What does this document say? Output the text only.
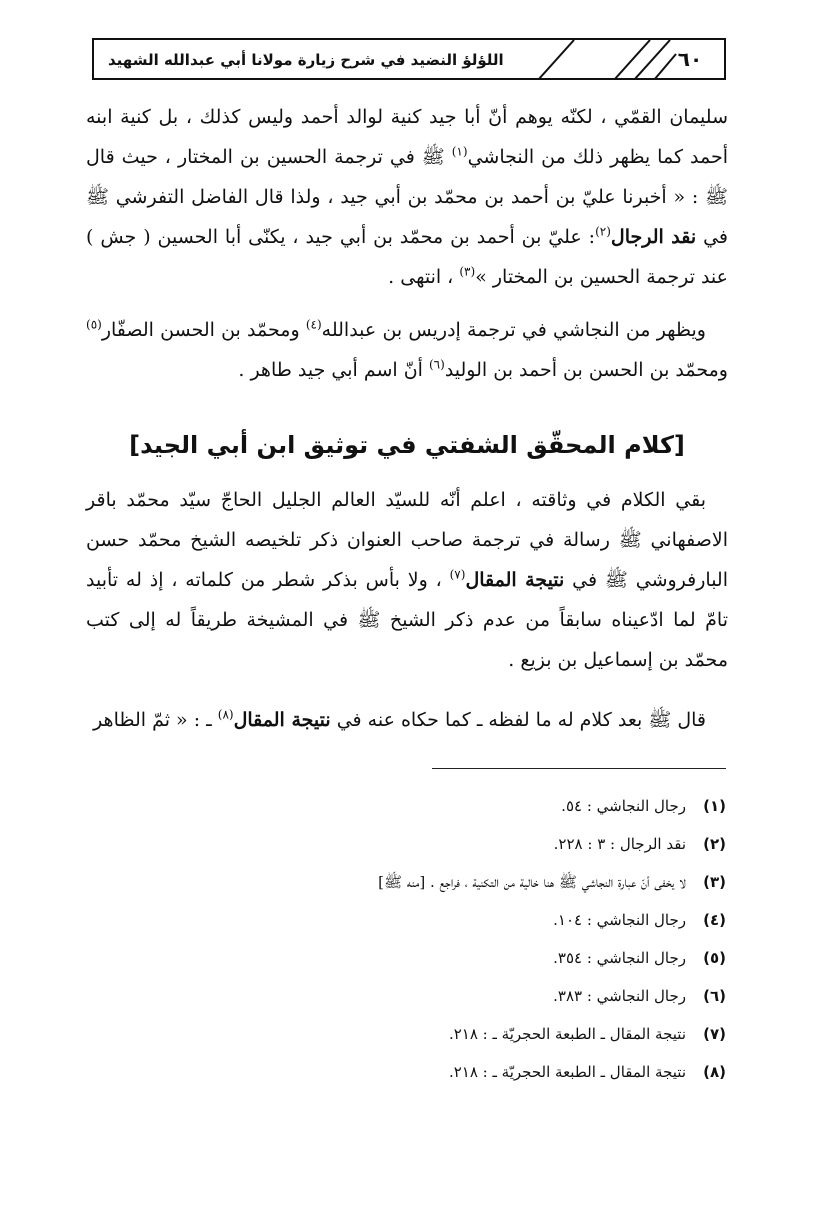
٦٠
اللؤلؤ النضيد في شرح زيارة مولانا أبي عبدالله الشهيد

سليمان القمّي ، لكنّه يوهم أنّ أبا جيد كنية لوالد أحمد وليس كذلك ، بل كنية ابنه أحمد كما يظهر ذلك من النجاشي$^{(١)}$ ﷺ في ترجمة الحسين بن المختار ، حيث قال ﷺ : « أخبرنا عليّ بن أحمد بن محمّد بن أبي جيد ، ولذا قال الفاضل التفرشي ﷺ في نقد الرجال$^{(٢)}$: عليّ بن أحمد بن محمّد بن أبي جيد ، يكنّى أبا الحسين ( جش ) عند ترجمة الحسين بن المختار »$^{(٣)}$ ، انتهى .

ويظهر من النجاشي في ترجمة إدريس بن عبدالله$^{(٤)}$ ومحمّد بن الحسن الصفّار$^{(٥)}$ ومحمّد بن الحسن بن أحمد بن الوليد$^{(٦)}$ أنّ اسم أبي جيد طاهر .

[كلام المحقّق الشفتي في توثيق ابن أبي الجيد]

بقي الكلام في وثاقته ، اعلم أنّه للسيّد العالم الجليل الحاجّ سيّد محمّد باقر الاصفهاني ﷺ رسالة في ترجمة صاحب العنوان ذكر تلخيصه الشيخ محمّد حسن البارفروشي ﷺ في نتيجة المقال$^{(٧)}$ ، ولا بأس بذكر شطر من كلماته ، إذ له تأبيد تامّ لما ادّعيناه سابقاً من عدم ذكر الشيخ ﷺ في المشيخة طريقاً له إلى كتب محمّد بن إسماعيل بن بزيع .

قال ﷺ بعد كلام له ما لفظه ـ كما حكاه عنه في نتيجة المقال$^{(٨)}$ ـ : « ثمّ الظاهر

(١)رجال النجاشي : ٥٤.
(٢)نقد الرجال : ٣ : ٢٢٨.
(٣)لا يخفى أنّ عبارة النجاشي ﷺ هنا خالية من التكنية ، فراجع . [منه ﷺ]
(٤)رجال النجاشي : ١٠٤.
(٥)رجال النجاشي : ٣٥٤.
(٦)رجال النجاشي : ٣٨٣.
(٧)نتيجة المقال ـ الطبعة الحجريّة ـ : ٢١٨.
(٨)نتيجة المقال ـ الطبعة الحجريّة ـ : ٢١٨.
